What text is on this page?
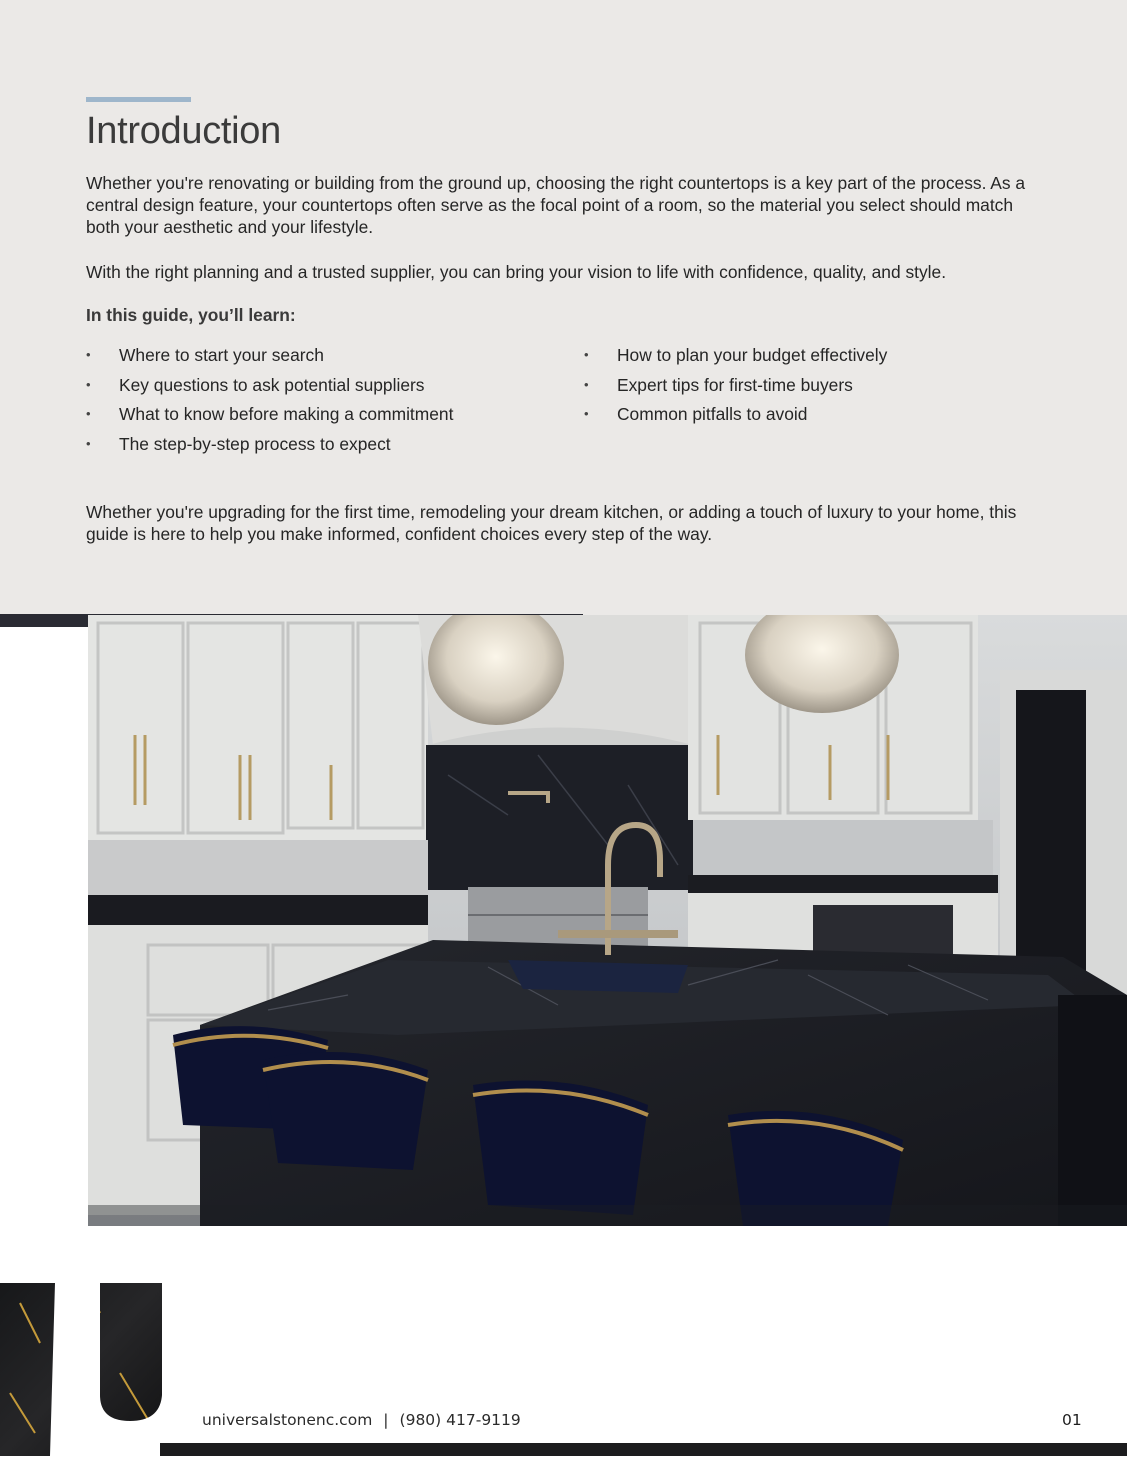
Introduction

Whether you're renovating or building from the ground up, choosing the right countertops is a key part of the process. As a central design feature, your countertops often serve as the focal point of a room, so the material you select should match both your aesthetic and your lifestyle.

With the right planning and a trusted supplier, you can bring your vision to life with confidence, quality, and style.

In this guide, you’ll learn:

• Where to start your search
• Key questions to ask potential suppliers
• What to know before making a commitment
• The step-by-step process to expect
• How to plan your budget effectively
• Expert tips for first-time buyers
• Common pitfalls to avoid

Whether you're upgrading for the first time, remodeling your dream kitchen, or adding a touch of luxury to your home, this guide is here to help you make informed, confident choices every step of the way.

universalstonenc.com | (980) 417-9119	01
